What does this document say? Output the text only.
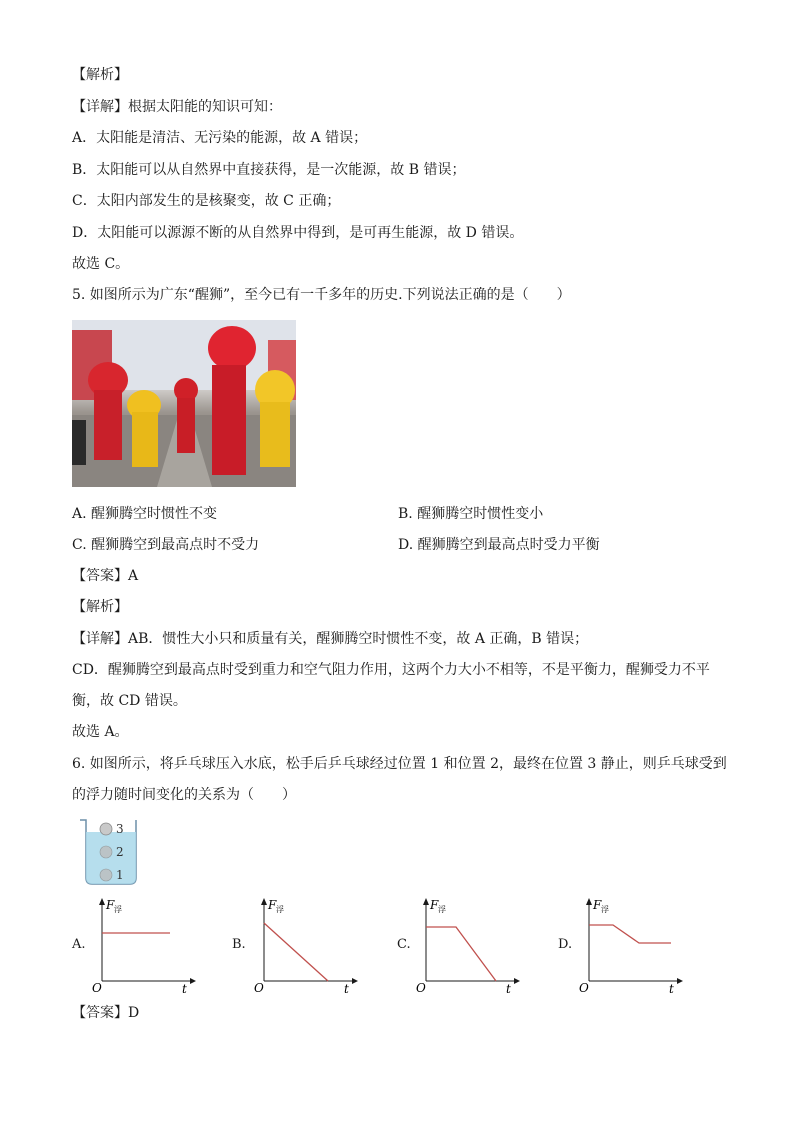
【解析】
【详解】根据太阳能的知识可知：
A．太阳能是清洁、无污染的能源，故 A 错误；
B．太阳能可以从自然界中直接获得，是一次能源，故 B 错误；
C．太阳内部发生的是核聚变，故 C 正确；
D．太阳能可以源源不断的从自然界中得到，是可再生能源，故 D 错误。
故选 C。
5. 如图所示为广东“醒狮”，至今已有一千多年的历史.下列说法正确的是（　　）
A. 醒狮腾空时惯性不变	B. 醒狮腾空时惯性变小
C. 醒狮腾空到最高点时不受力	D. 醒狮腾空到最高点时受力平衡
【答案】A
【解析】
【详解】AB．惯性大小只和质量有关，醒狮腾空时惯性不变，故 A 正确，B 错误；
CD．醒狮腾空到最高点时受到重力和空气阻力作用，这两个力大小不相等，不是平衡力，醒狮受力不平
衡，故 CD 错误。
故选 A。
6. 如图所示，将乒乓球压入水底，松手后乒乓球经过位置 1 和位置 2，最终在位置 3 静止，则乒乓球受到
的浮力随时间变化的关系为（　　）
3
2
1
A.
F 浮
O	t
B.
F 浮
O	t
C.
F 浮
O	t
D.
F 浮
O	t
【答案】D
